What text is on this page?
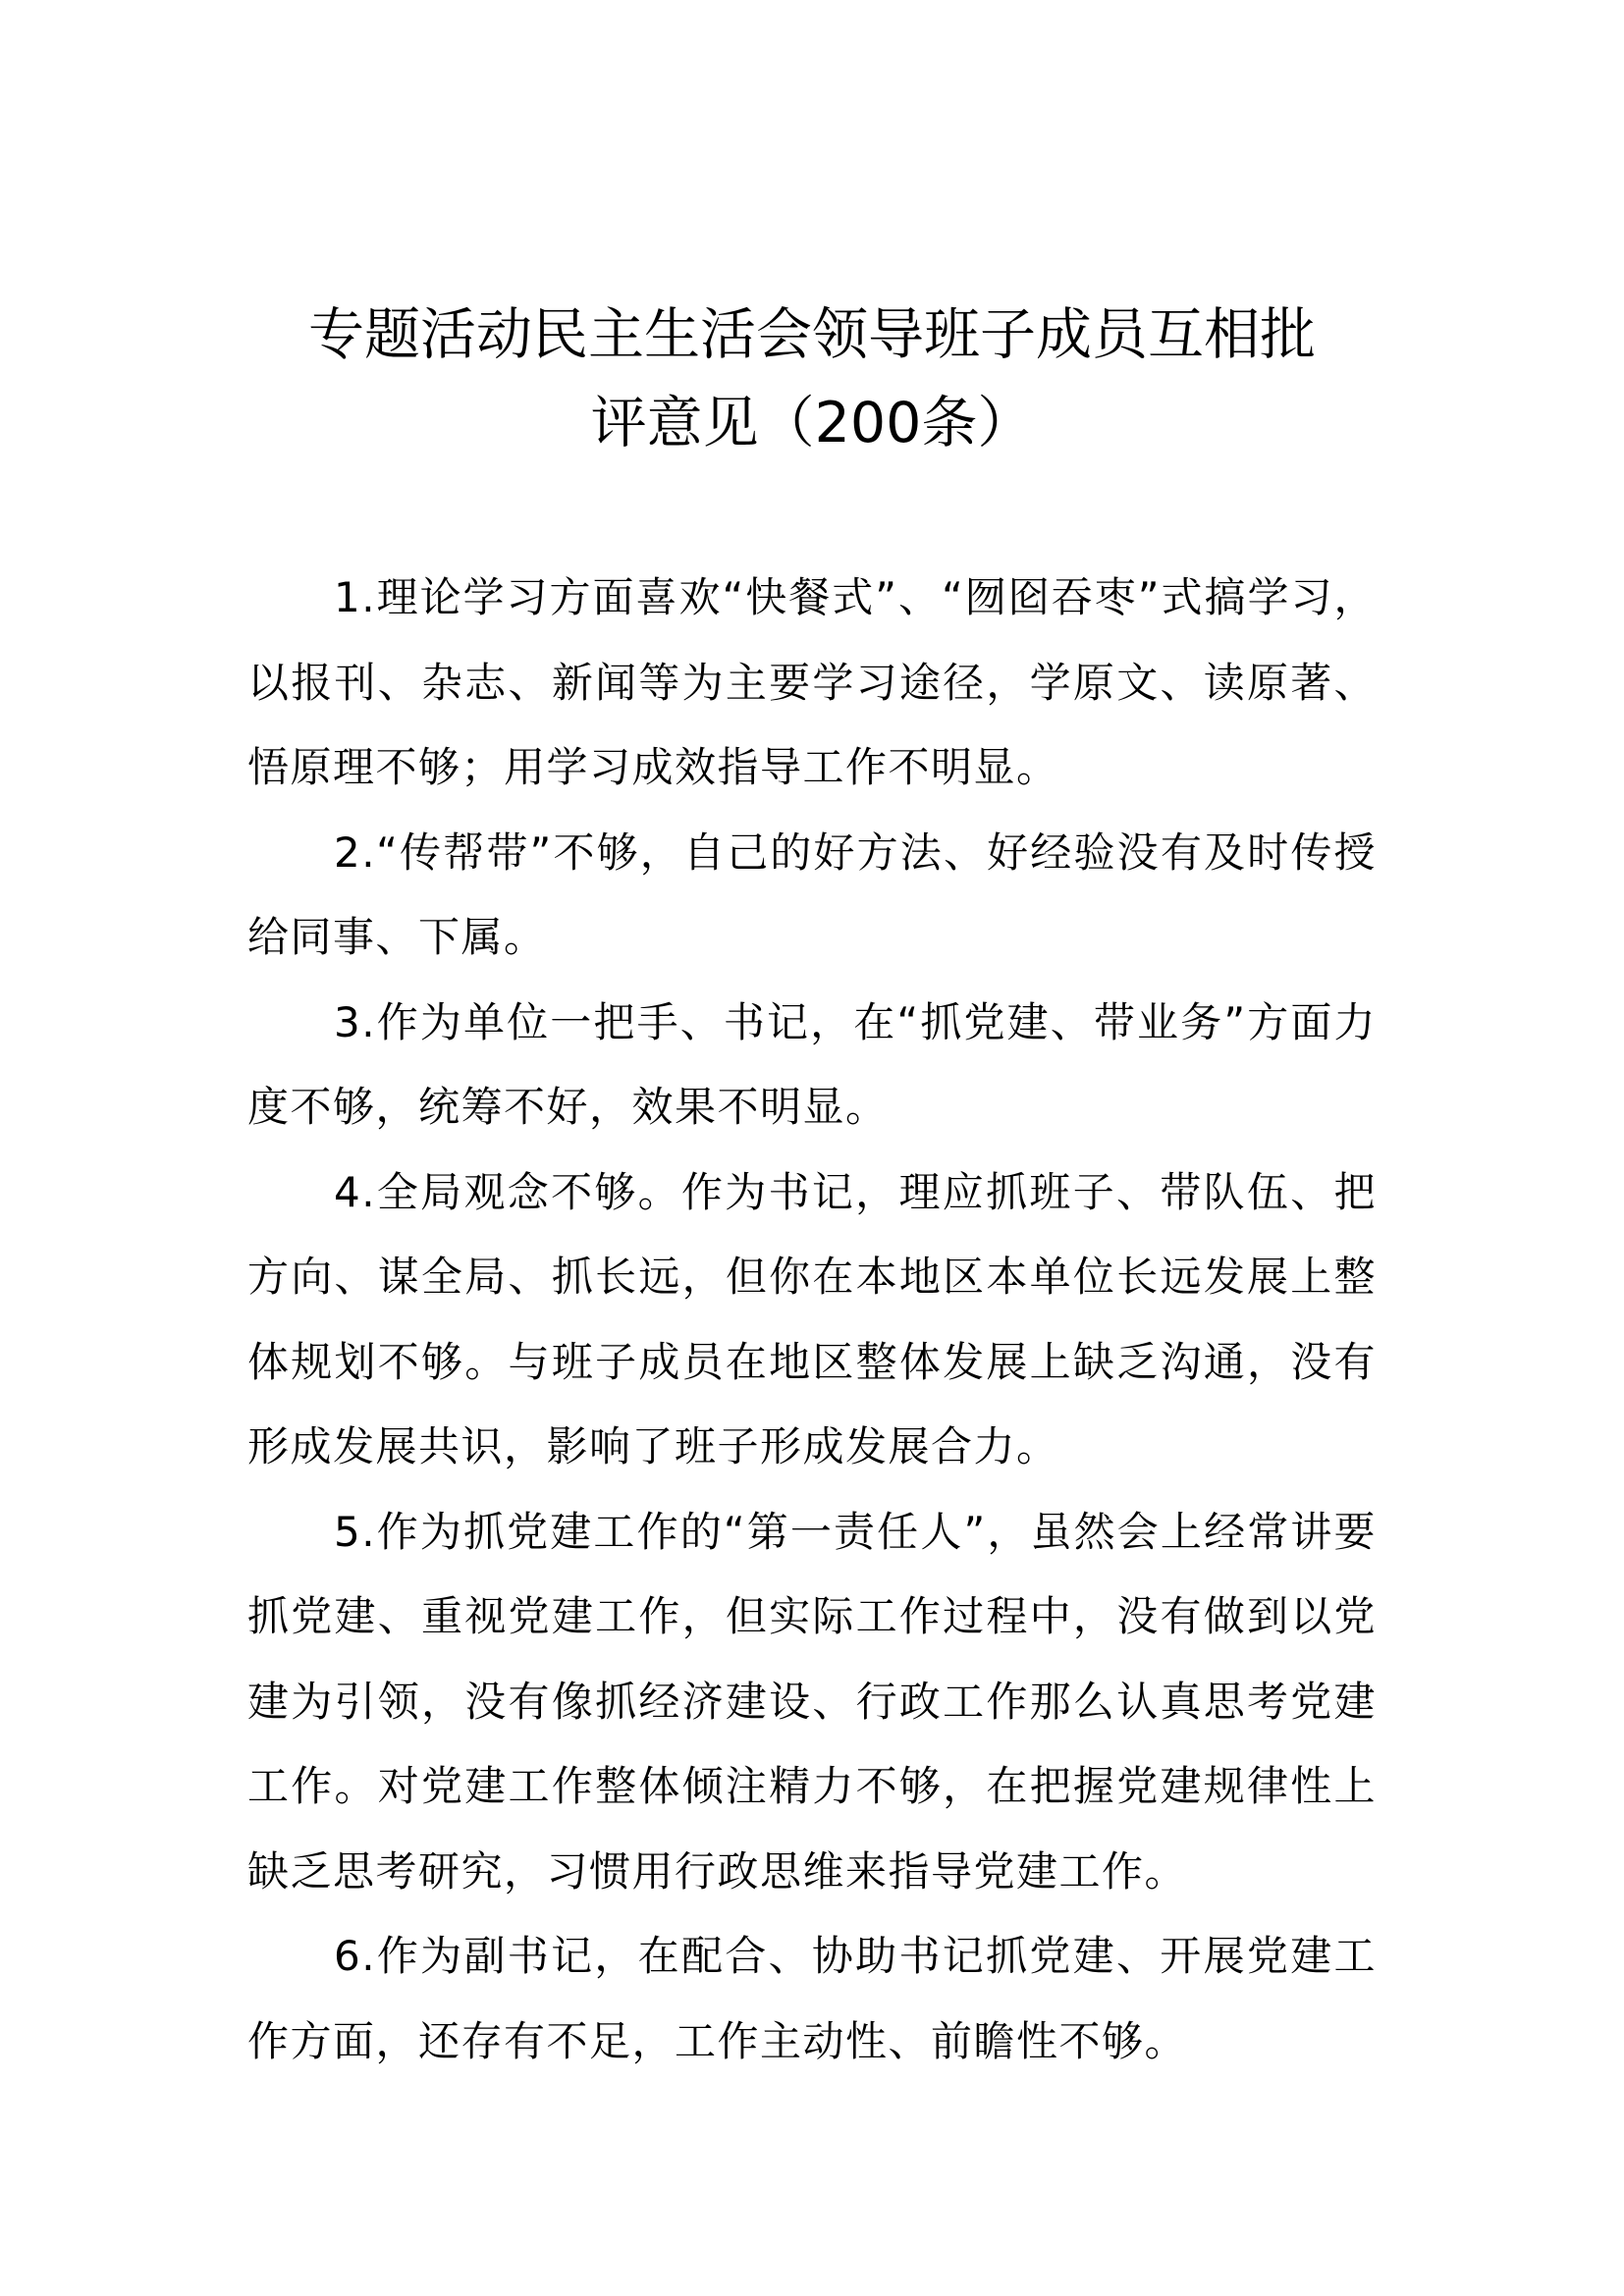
专题活动民主生活会领导班子成员互相批
评意见（200条）

1.理论学习方面喜欢“快餐式”、“囫囵吞枣”式搞学习，以报刊、杂志、新闻等为主要学习途径，学原文、读原著、悟原理不够；用学习成效指导工作不明显。

2.“传帮带”不够，自己的好方法、好经验没有及时传授给同事、下属。

3.作为单位一把手、书记，在“抓党建、带业务”方面力度不够，统筹不好，效果不明显。

4.全局观念不够。作为书记，理应抓班子、带队伍、把方向、谋全局、抓长远，但你在本地区本单位长远发展上整体规划不够。与班子成员在地区整体发展上缺乏沟通，没有形成发展共识，影响了班子形成发展合力。

5.作为抓党建工作的“第一责任人”，虽然会上经常讲要抓党建、重视党建工作，但实际工作过程中，没有做到以党建为引领，没有像抓经济建设、行政工作那么认真思考党建工作。对党建工作整体倾注精力不够，在把握党建规律性上缺乏思考研究，习惯用行政思维来指导党建工作。

6.作为副书记，在配合、协助书记抓党建、开展党建工作方面，还存有不足，工作主动性、前瞻性不够。
